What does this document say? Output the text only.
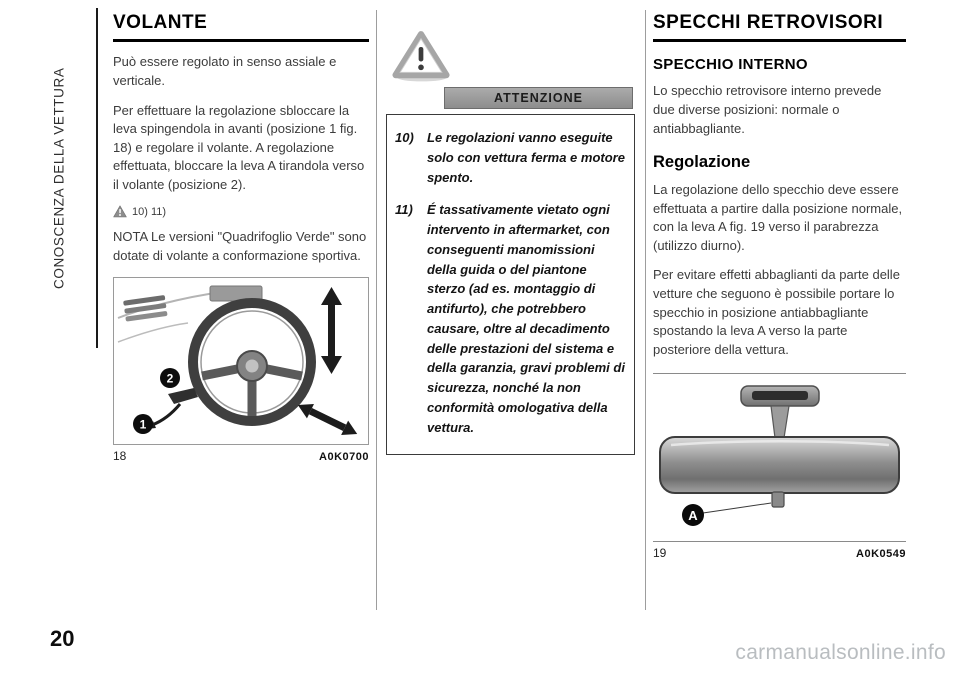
CONOSCENZA DELLA VETTURA
20
carmanualsonline.info
VOLANTE

Può essere regolato in senso assiale e verticale.

Per effettuare la regolazione sbloccare la leva spingendola in avanti (posizione 1 fig. 18) e regolare il volante. A regolazione effettuata, bloccare la leva A tirandola verso il volante (posizione 2).

10) 11)

NOTA Le versioni "Quadrifoglio Verde" sono dotate di volante a conformazione sportiva.

2
1
18	A0K0700
ATTENZIONE
10)	Le regolazioni vanno eseguite solo con vettura ferma e motore spento.
11)	É tassativamente vietato ogni intervento in aftermarket, con conseguenti manomissioni della guida o del piantone sterzo (ad es. montaggio di antifurto), che potrebbero causare, oltre al decadimento delle prestazioni del sistema e della garanzia, gravi problemi di sicurezza, nonché la non conformità omologativa della vettura.
SPECCHI RETROVISORI
SPECCHIO INTERNO

Lo specchio retrovisore interno prevede due diverse posizioni: normale o antiabbagliante.

Regolazione

La regolazione dello specchio deve essere effettuata a partire dalla posizione normale, con la leva A fig. 19 verso il parabrezza (utilizzo diurno).

Per evitare effetti abbaglianti da parte delle vetture che seguono è possibile portare lo specchio in posizione antiabbagliante spostando la leva A verso la parte posteriore della vettura.

A
19	A0K0549
